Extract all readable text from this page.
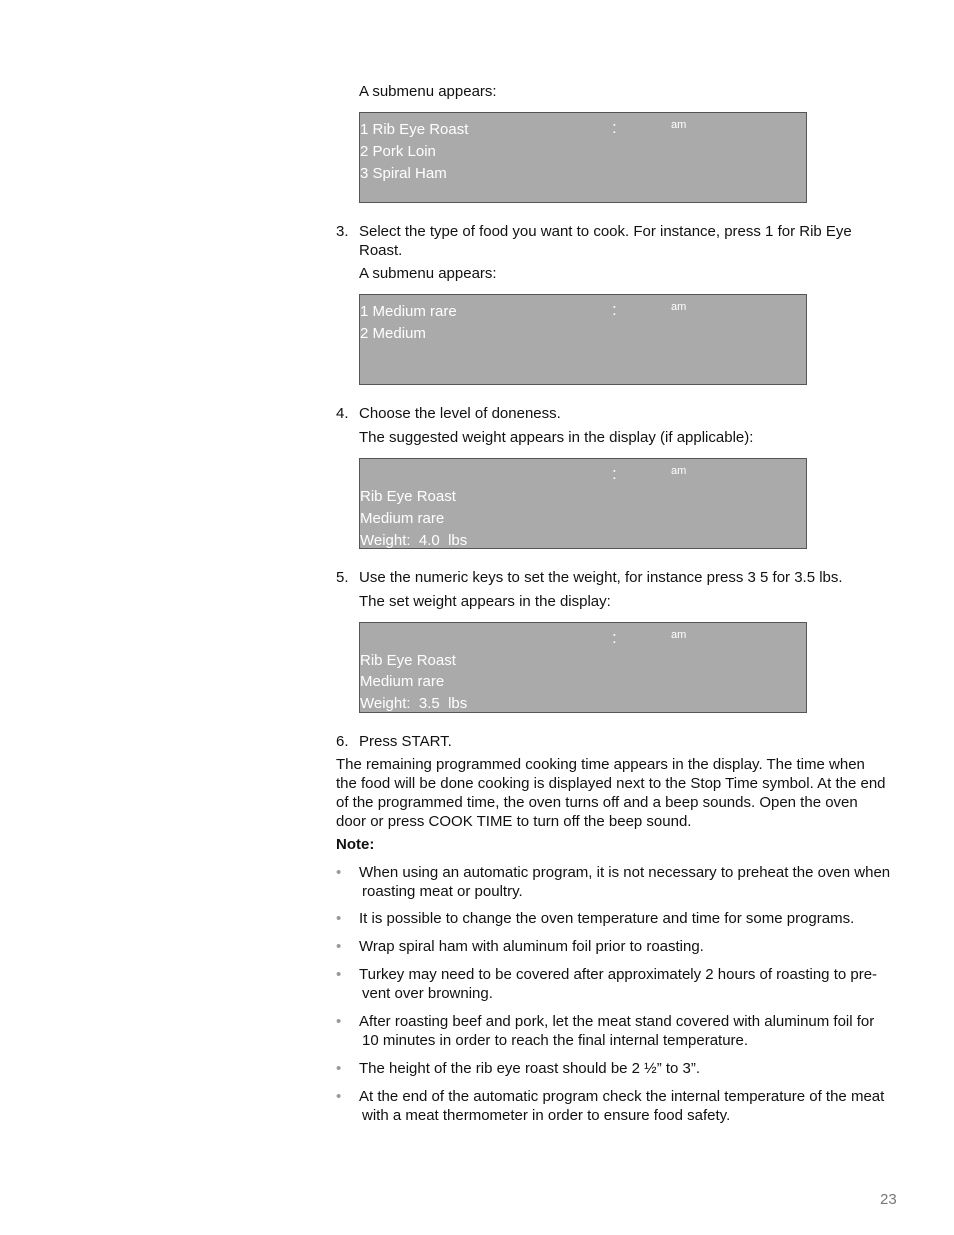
A submenu appears:
1 Rib Eye Roast
2 Pork Loin
3 Spiral Ham
:	am
3. Select the type of food you want to cook. For instance, press 1 for Rib Eye
Roast.
A submenu appears:
1 Medium rare
2 Medium
:	am
4. Choose the level of doneness.
The suggested weight appears in the display (if applicable):
:	am
Rib Eye Roast
Medium rare
Weight:  4.0  lbs
5. Use the numeric keys to set the weight, for instance press 3 5 for 3.5 lbs.
The set weight appears in the display:
:	am
Rib Eye Roast
Medium rare
Weight:  3.5  lbs
6. Press START.
The remaining programmed cooking time appears in the display. The time when
the food will be done cooking is displayed next to the Stop Time symbol. At the end
of the programmed time, the oven turns off and a beep sounds. Open the oven
door or press COOK TIME to turn off the beep sound.
Note:
• When using an automatic program, it is not necessary to preheat the oven when
roasting meat or poultry.
• It is possible to change the oven temperature and time for some programs.
• Wrap spiral ham with aluminum foil prior to roasting.
• Turkey may need to be covered after approximately 2 hours of roasting to pre-
vent over browning.
• After roasting beef and pork, let the meat stand covered with aluminum foil for
10 minutes in order to reach the final internal temperature.
• The height of the rib eye roast should be 2 ½” to 3”.
• At the end of the automatic program check the internal temperature of the meat
with a meat thermometer in order to ensure food safety.
23
